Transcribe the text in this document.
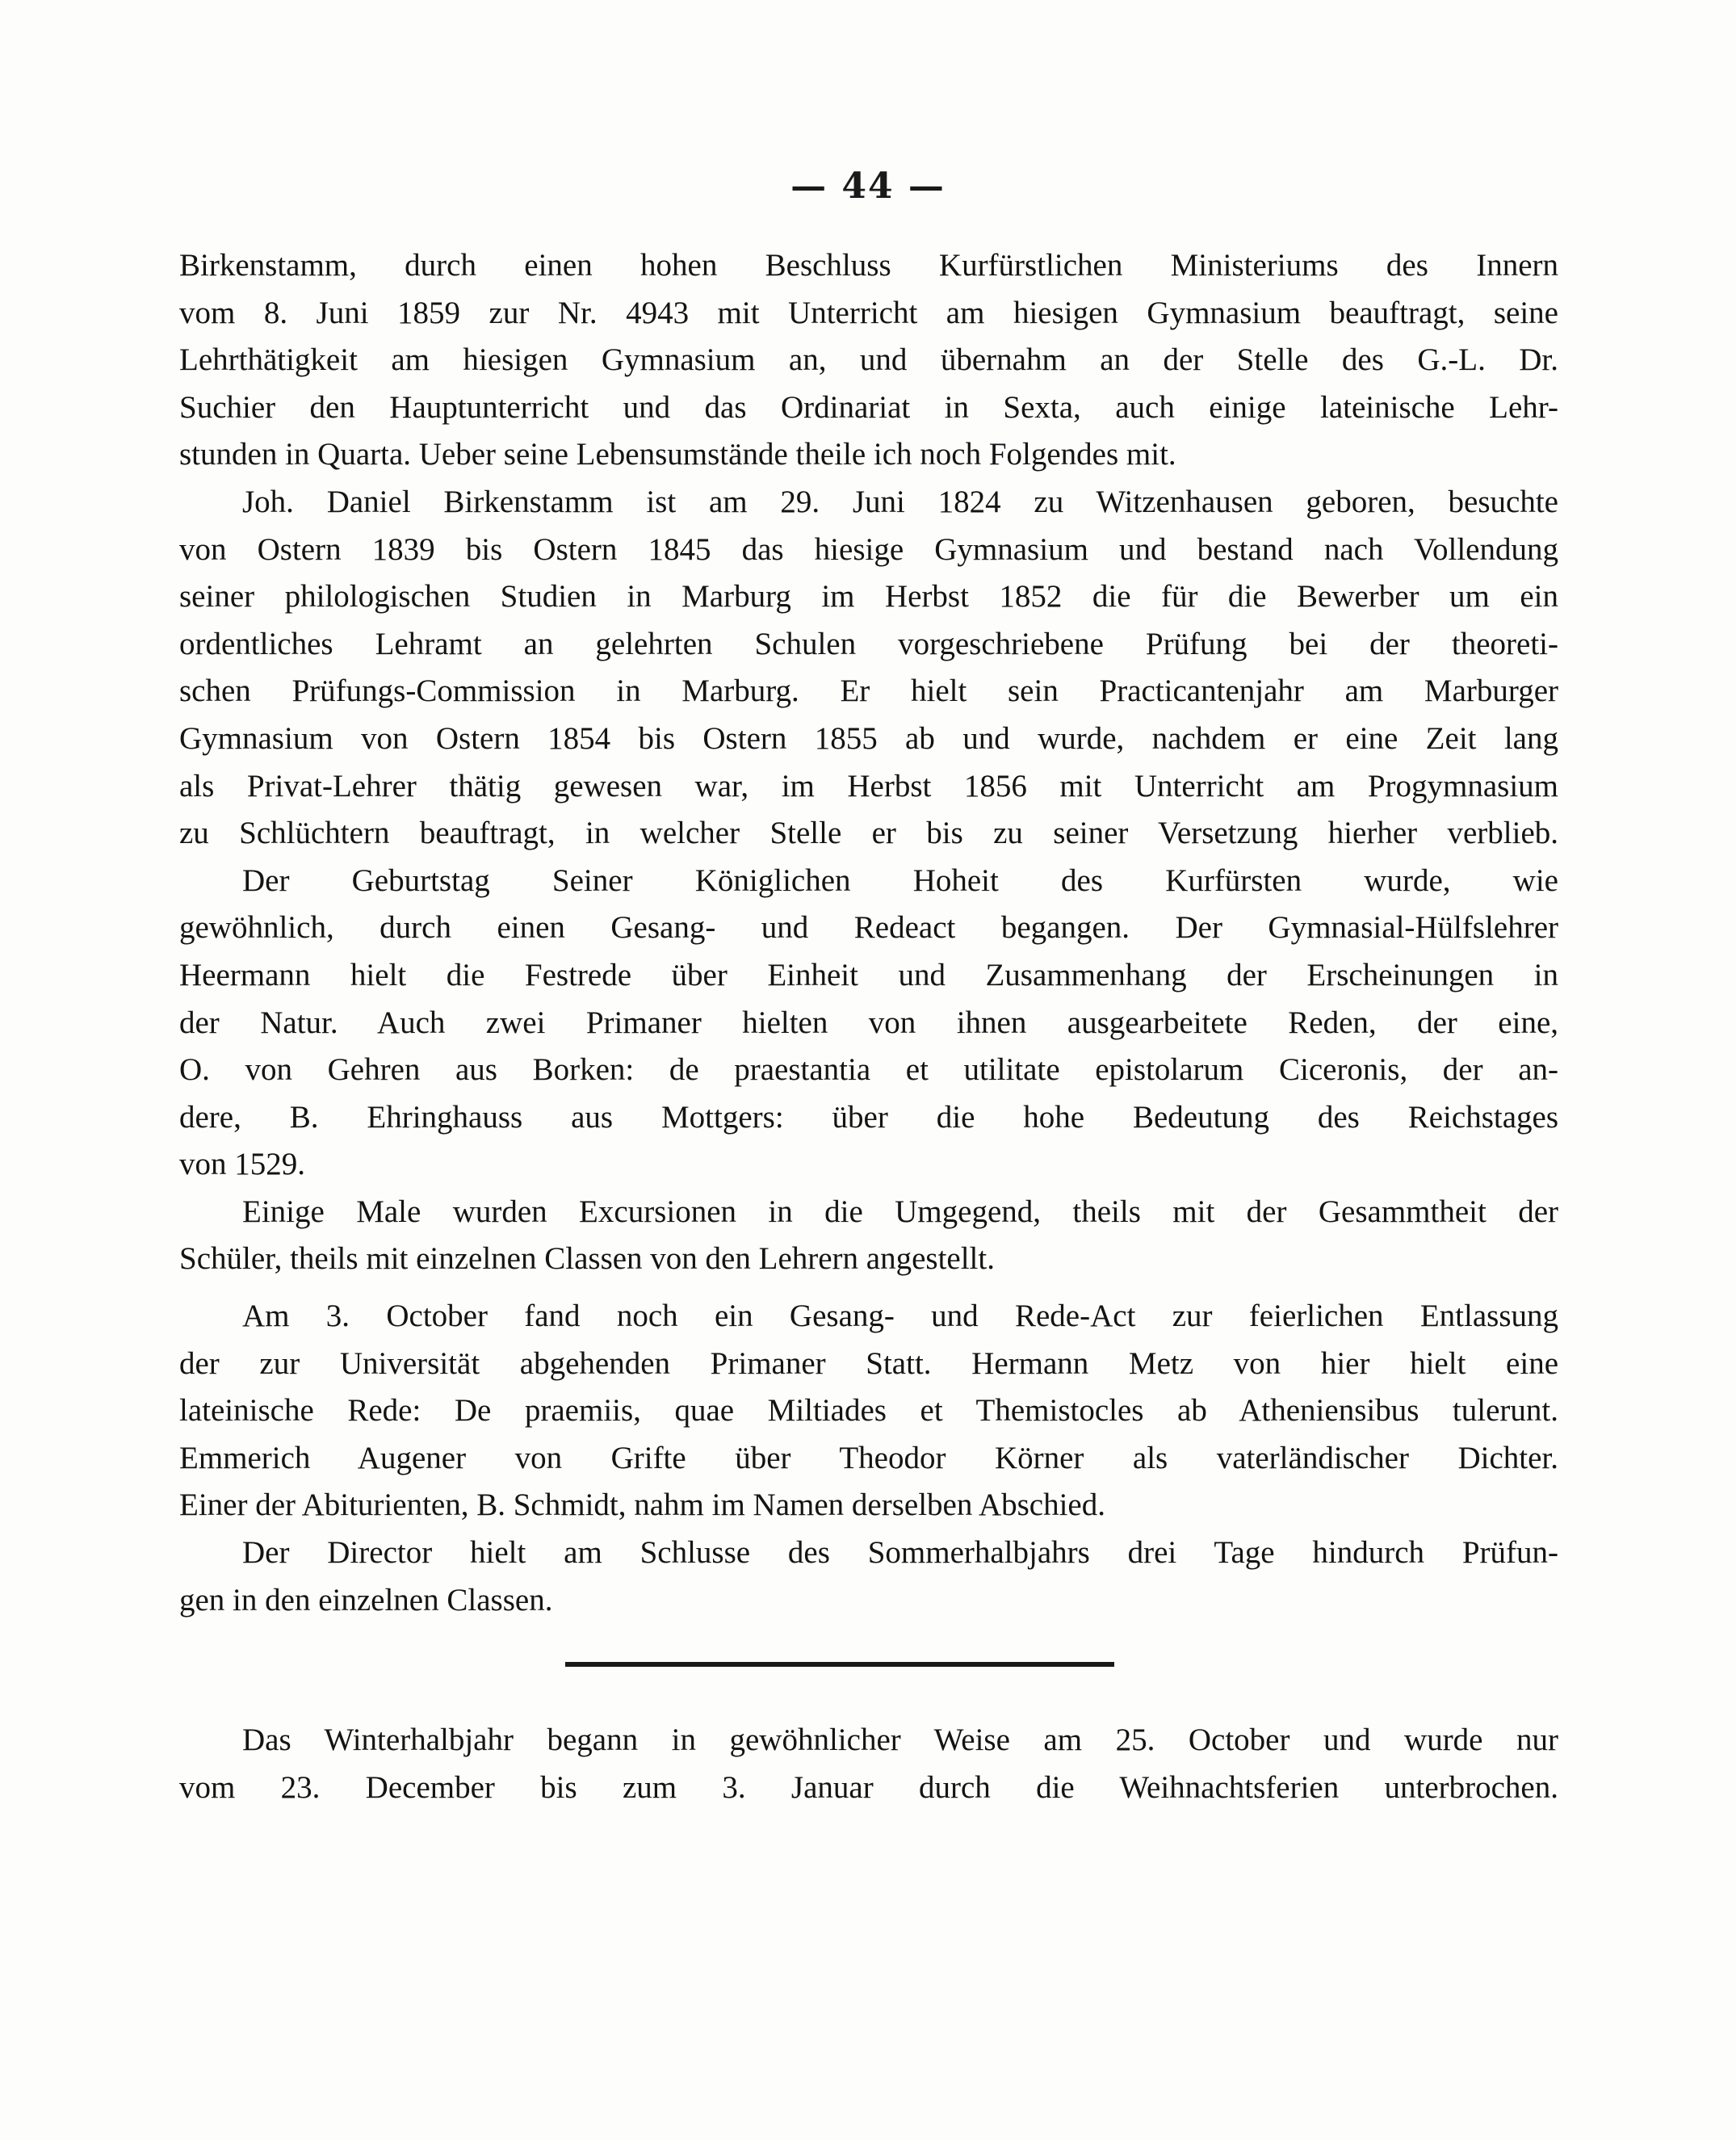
— 44 —
Birkenstamm, durch einen hohen Beschluss Kurfürstlichen Ministeriums des Innern
vom 8. Juni 1859 zur Nr. 4943 mit Unterricht am hiesigen Gymnasium beauftragt, seine
Lehrthätigkeit am hiesigen Gymnasium an, und übernahm an der Stelle des G.-L. Dr.
Suchier den Hauptunterricht und das Ordinariat in Sexta, auch einige lateinische Lehr-
stunden in Quarta. Ueber seine Lebensumstände theile ich noch Folgendes mit.
Joh. Daniel Birkenstamm ist am 29. Juni 1824 zu Witzenhausen geboren, besuchte
von Ostern 1839 bis Ostern 1845 das hiesige Gymnasium und bestand nach Vollendung
seiner philologischen Studien in Marburg im Herbst 1852 die für die Bewerber um ein
ordentliches Lehramt an gelehrten Schulen vorgeschriebene Prüfung bei der theoreti-
schen Prüfungs-Commission in Marburg. Er hielt sein Practicantenjahr am Marburger
Gymnasium von Ostern 1854 bis Ostern 1855 ab und wurde, nachdem er eine Zeit lang
als Privat-Lehrer thätig gewesen war, im Herbst 1856 mit Unterricht am Progymnasium
zu Schlüchtern beauftragt, in welcher Stelle er bis zu seiner Versetzung hierher verblieb.
Der Geburtstag Seiner Königlichen Hoheit des Kurfürsten wurde, wie
gewöhnlich, durch einen Gesang- und Redeact begangen. Der Gymnasial-Hülfslehrer
Heermann hielt die Festrede über Einheit und Zusammenhang der Erscheinungen in
der Natur. Auch zwei Primaner hielten von ihnen ausgearbeitete Reden, der eine,
O. von Gehren aus Borken: de praestantia et utilitate epistolarum Ciceronis, der an-
dere, B. Ehringhauss aus Mottgers: über die hohe Bedeutung des Reichstages
von 1529.
Einige Male wurden Excursionen in die Umgegend, theils mit der Gesammtheit der
Schüler, theils mit einzelnen Classen von den Lehrern angestellt.
Am 3. October fand noch ein Gesang- und Rede-Act zur feierlichen Entlassung
der zur Universität abgehenden Primaner Statt. Hermann Metz von hier hielt eine
lateinische Rede: De praemiis, quae Miltiades et Themistocles ab Atheniensibus tulerunt.
Emmerich Augener von Grifte über Theodor Körner als vaterländischer Dichter.
Einer der Abiturienten, B. Schmidt, nahm im Namen derselben Abschied.
Der Director hielt am Schlusse des Sommerhalbjahrs drei Tage hindurch Prüfun-
gen in den einzelnen Classen.
Das Winterhalbjahr begann in gewöhnlicher Weise am 25. October und wurde nur
vom 23. December bis zum 3. Januar durch die Weihnachtsferien unterbrochen.
